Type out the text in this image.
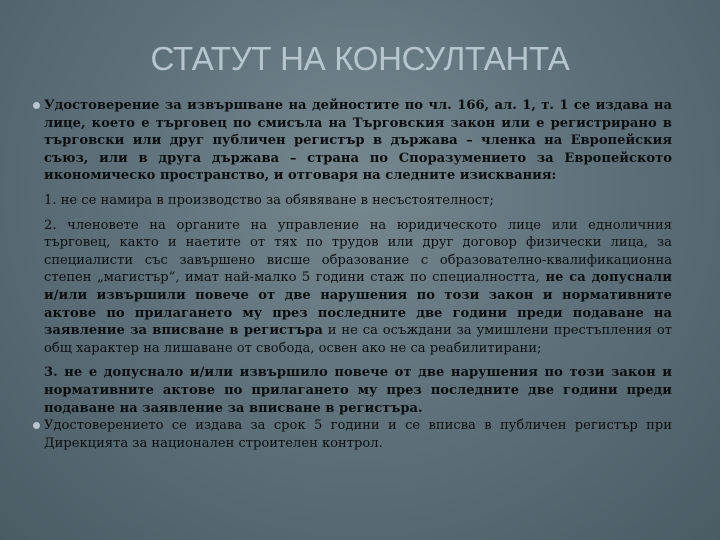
СТАТУТ НА КОНСУЛТАНТА

Удостоверение за извършване на дейностите по чл. 166, ал. 1, т. 1 се издава на лице, което е търговец по смисъла на Търговския закон или е регистрирано в търговски или друг публичен регистър в държава – членка на Европейския съюз, или в друга държава – страна по Споразумението за Европейското икономическо пространство, и отговаря на следните изисквания:

1. не се намира в производство за обявяване в несъстоятелност;

2. членовете на органите на управление на юридическото лице или едноличния търговец, както и наетите от тях по трудов или друг договор физически лица, за специалисти със завършено висше образование с образователно-квалификационна степен „магистър“, имат най-малко 5 години стаж по специалността, не са допуснали и/или извършили повече от две нарушения по този закон и нормативните актове по прилагането му през последните две години преди подаване на заявление за вписване в регистъра и не са осъждани за умишлени престъпления от общ характер на лишаване от свобода, освен ако не са реабилитирани;

3. не е допуснало и/или извършило повече от две нарушения по този закон и нормативните актове по прилагането му през последните две години преди подаване на заявление за вписване в регистъра.

Удостоверението се издава за срок 5 години и се вписва в публичен регистър при Дирекцията за национален строителен контрол.
